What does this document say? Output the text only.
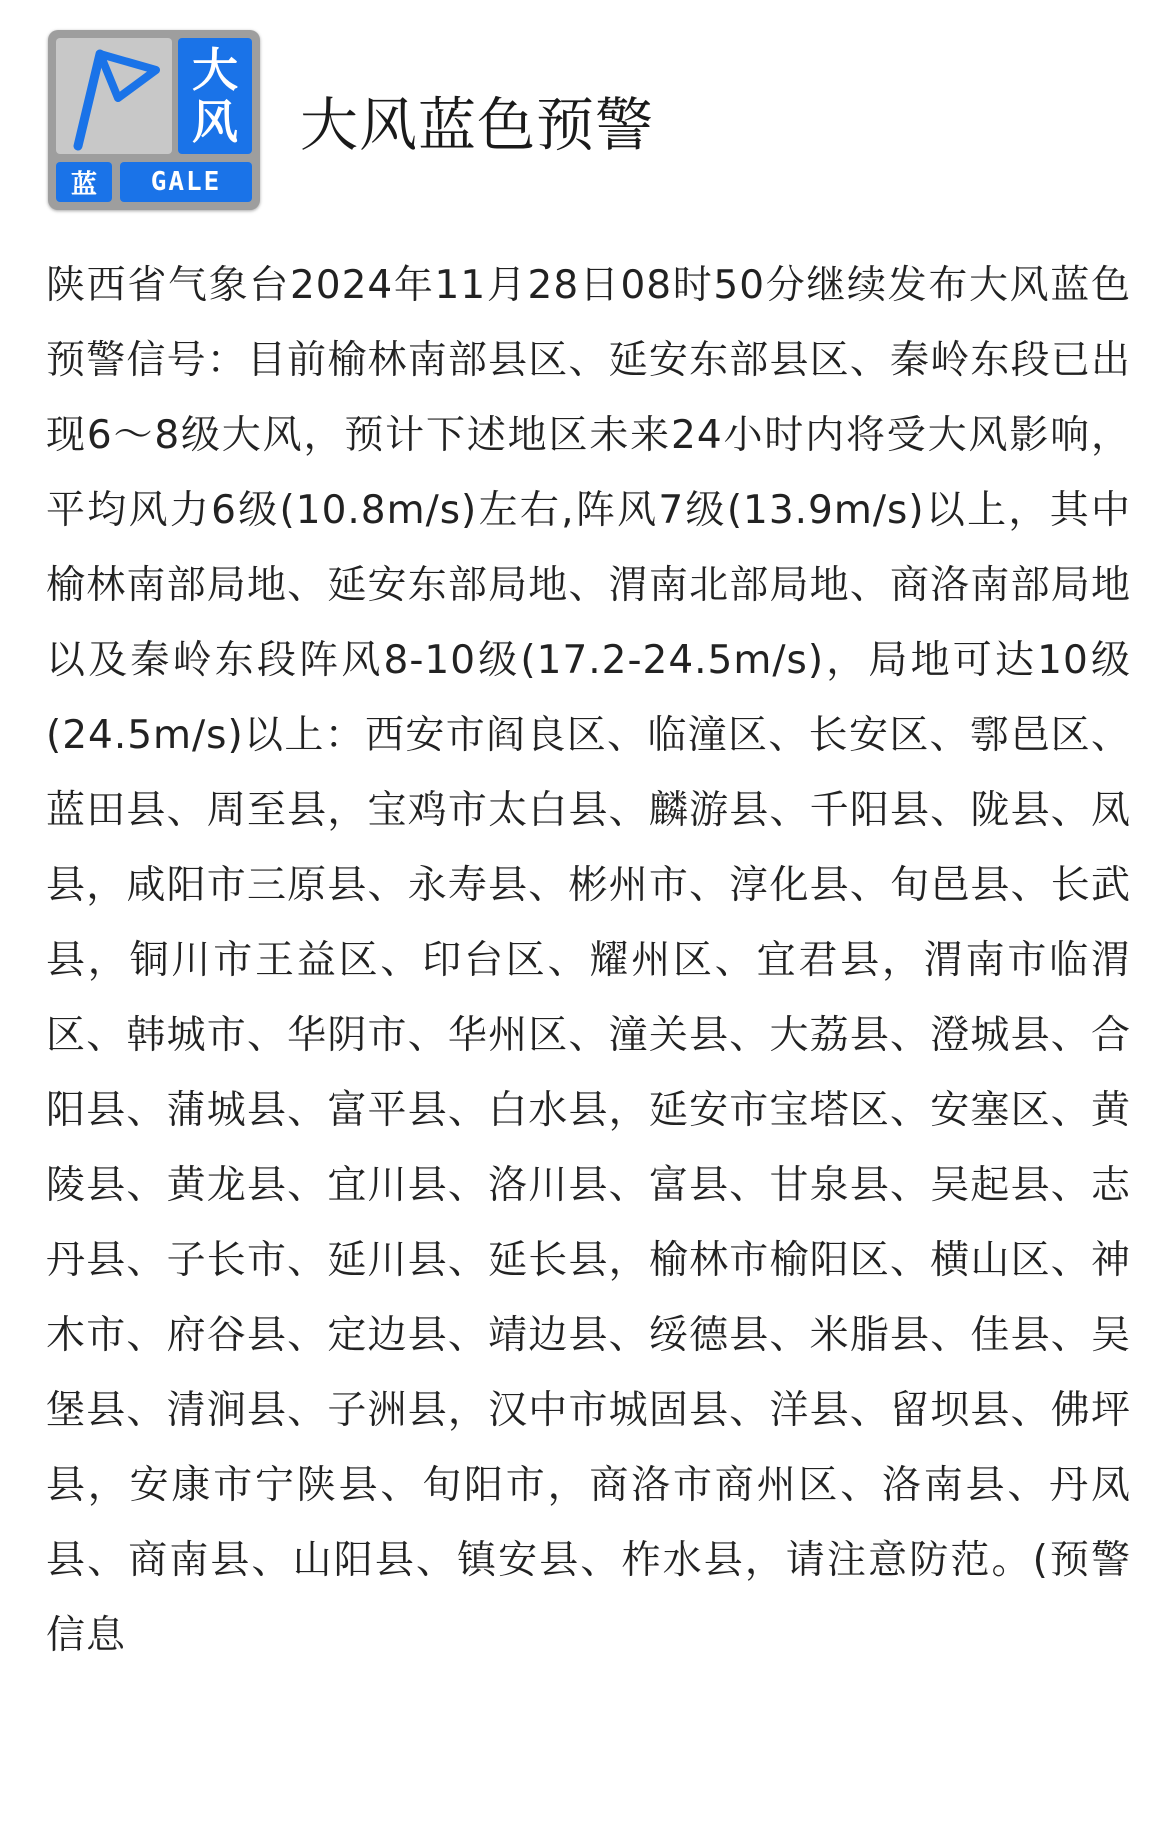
大
风
蓝	GALE
大风蓝色预警
陕西省气象台2024年11月28日08时50分继续发布大风蓝色预警信号：目前榆林南部县区、延安东部县区、秦岭东段已出现6～8级大风，预计下述地区未来24小时内将受大风影响，平均风力6级(10.8m/s)左右,阵风7级(13.9m/s)以上，其中榆林南部局地、延安东部局地、渭南北部局地、商洛南部局地以及秦岭东段阵风8-10级(17.2-24.5m/s)，局地可达10级(24.5m/s)以上：西安市阎良区、临潼区、长安区、鄠邑区、蓝田县、周至县，宝鸡市太白县、麟游县、千阳县、陇县、凤县，咸阳市三原县、永寿县、彬州市、淳化县、旬邑县、长武县，铜川市王益区、印台区、耀州区、宜君县，渭南市临渭区、韩城市、华阴市、华州区、潼关县、大荔县、澄城县、合阳县、蒲城县、富平县、白水县，延安市宝塔区、安塞区、黄陵县、黄龙县、宜川县、洛川县、富县、甘泉县、吴起县、志丹县、子长市、延川县、延长县，榆林市榆阳区、横山区、神木市、府谷县、定边县、靖边县、绥德县、米脂县、佳县、吴堡县、清涧县、子洲县，汉中市城固县、洋县、留坝县、佛坪县，安康市宁陕县、旬阳市，商洛市商州区、洛南县、丹凤县、商南县、山阳县、镇安县、柞水县，请注意防范。(预警信息
